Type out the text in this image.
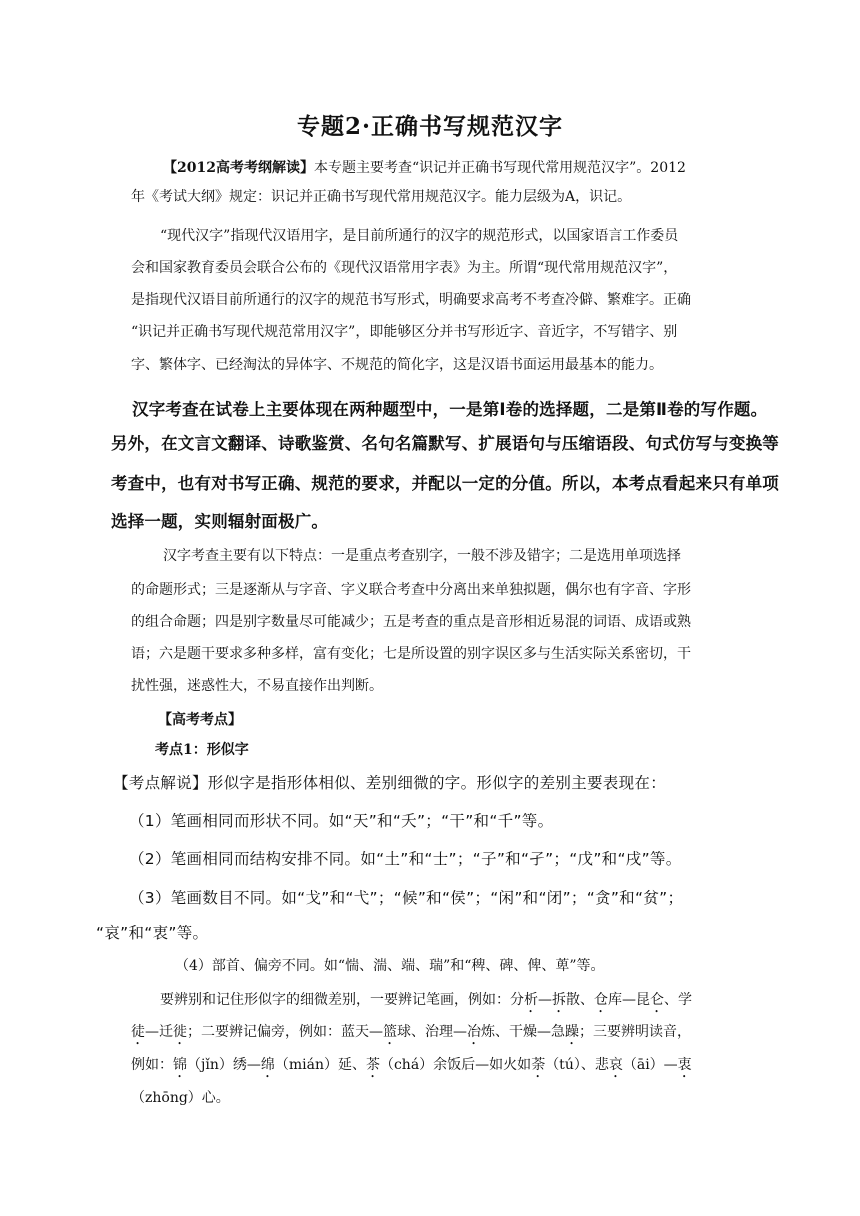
专题2·正确书写规范汉字
【2012高考考纲解读】本专题主要考查“识记并正确书写现代常用规范汉字”。2012
年《考试大纲》规定：识记并正确书写现代常用规范汉字。能力层级为A，识记。
“现代汉字”指现代汉语用字，是目前所通行的汉字的规范形式，以国家语言工作委员
会和国家教育委员会联合公布的《现代汉语常用字表》为主。所谓“现代常用规范汉字”，
是指现代汉语目前所通行的汉字的规范书写形式，明确要求高考不考查冷僻、繁难字。正确
“识记并正确书写现代规范常用汉字”，即能够区分并书写形近字、音近字，不写错字、别
字、繁体字、已经淘汰的异体字、不规范的简化字，这是汉语书面运用最基本的能力。
汉字考查在试卷上主要体现在两种题型中，一是第Ⅰ卷的选择题，二是第Ⅱ卷的写作题。
另外，在文言文翻译、诗歌鉴赏、名句名篇默写、扩展语句与压缩语段、句式仿写与变换等
考查中，也有对书写正确、规范的要求，并配以一定的分值。所以，本考点看起来只有单项
选择一题，实则辐射面极广。
汉字考查主要有以下特点：一是重点考查别字，一般不涉及错字；二是选用单项选择
的命题形式；三是逐渐从与字音、字义联合考查中分离出来单独拟题，偶尔也有字音、字形
的组合命题；四是别字数量尽可能减少；五是考查的重点是音形相近易混的词语、成语或熟
语；六是题干要求多种多样，富有变化；七是所设置的别字误区多与生活实际关系密切，干
扰性强，迷惑性大，不易直接作出判断。
【高考考点】
考点1：形似字
【考点解说】形似字是指形体相似、差别细微的字。形似字的差别主要表现在：
（1）笔画相同而形状不同。如“天”和“夭”；“干”和“千”等。
（2）笔画相同而结构安排不同。如“土”和“士”；“子”和“孑”；“戊”和“戌”等。
（3）笔画数目不同。如“戈”和“弋”；“候”和“侯”；“闲”和“闭”；“贪”和“贫”；
“哀”和“衷”等。
（4）部首、偏旁不同。如“惴、湍、端、瑞”和“稗、碑、俾、萆”等。
要辨别和记住形似字的细微差别，一要辨记笔画，例如：分析—拆散、仓库—昆仑、学
徒—迁徙；二要辨记偏旁，例如：蓝天—篮球、治理—冶炼、干燥—急躁；三要辨明读音，
例如：锦（jǐn）绣—绵（mián）延、茶（chá）余饭后—如火如荼（tú）、悲哀（āi）—衷
（zhōng）心。
